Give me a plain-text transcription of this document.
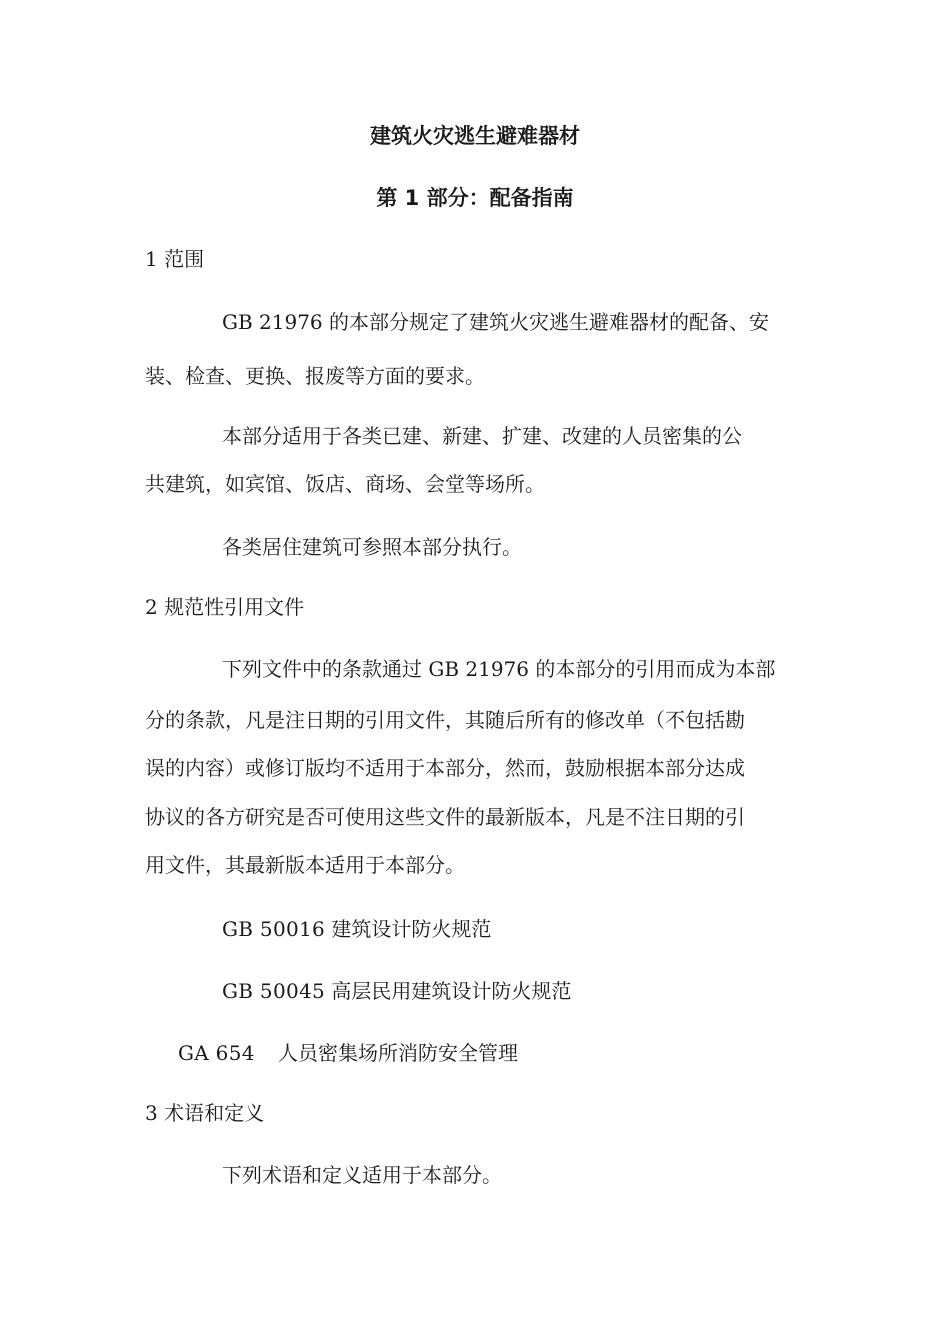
建筑火灾逃生避难器材
第 1 部分：配备指南
1 范围
GB 21976 的本部分规定了建筑火灾逃生避难器材的配备、安
装、检查、更换、报废等方面的要求。
本部分适用于各类已建、新建、扩建、改建的人员密集的公
共建筑，如宾馆、饭店、商场、会堂等场所。
各类居住建筑可参照本部分执行。
2 规范性引用文件
下列文件中的条款通过 GB 21976 的本部分的引用而成为本部
分的条款，凡是注日期的引用文件，其随后所有的修改单（不包括勘
误的内容）或修订版均不适用于本部分，然而，鼓励根据本部分达成
协议的各方研究是否可使用这些文件的最新版本，凡是不注日期的引
用文件，其最新版本适用于本部分。
GB 50016 建筑设计防火规范
GB 50045 高层民用建筑设计防火规范
GA 654 人员密集场所消防安全管理
3 术语和定义
下列术语和定义适用于本部分。
